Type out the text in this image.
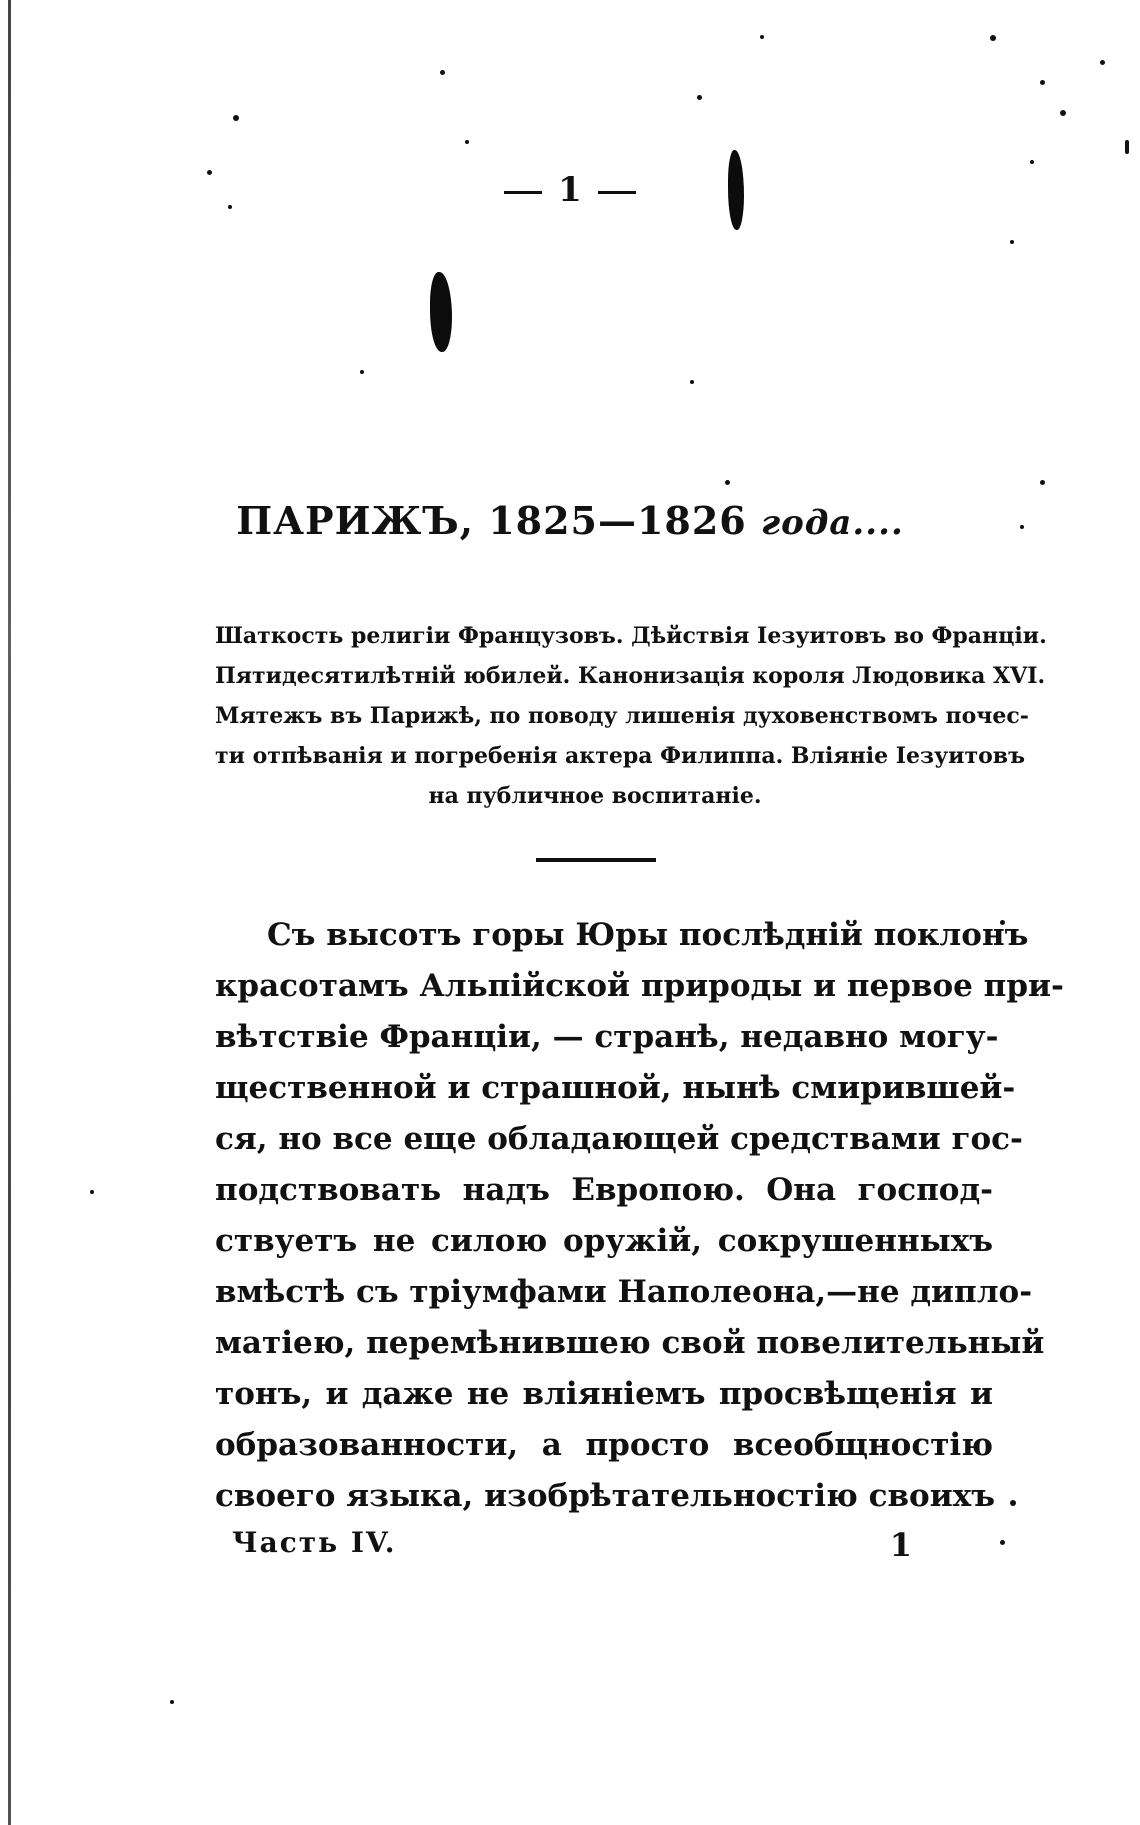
1
ПАРИЖЪ, 1825—1826 года....
Шаткость религіи Французовъ. Дѣйствія Іезуитовъ во Франціи.
Пятидесятилѣтній юбилей. Канонизація короля Людовика XVI.
Мятежъ въ Парижѣ, по поводу лишенія духовенствомъ почес-
ти отпѣванія и погребенія актера Филиппа. Вліяніе Іезуитовъ
на публичное воспитаніе.
Съ высотъ горы Юры послѣдній поклонъ
красотамъ Альпійской природы и первое при-
вѣтствіе Франціи, — странѣ, недавно могу-
щественной и страшной, нынѣ смирившей-
ся, но все еще обладающей средствами гос-
подствовать надъ Европою. Она господ-
ствуетъ не силою оружій, сокрушенныхъ
вмѣстѣ съ тріумфами Наполеона,—не дипло-
матіею, перемѣнившею свой повелительный
тонъ, и даже не вліяніемъ просвѣщенія и
образованности, а просто всеобщностію
своего языка, изобрѣтательностію своихъ
Часть IV.	1
